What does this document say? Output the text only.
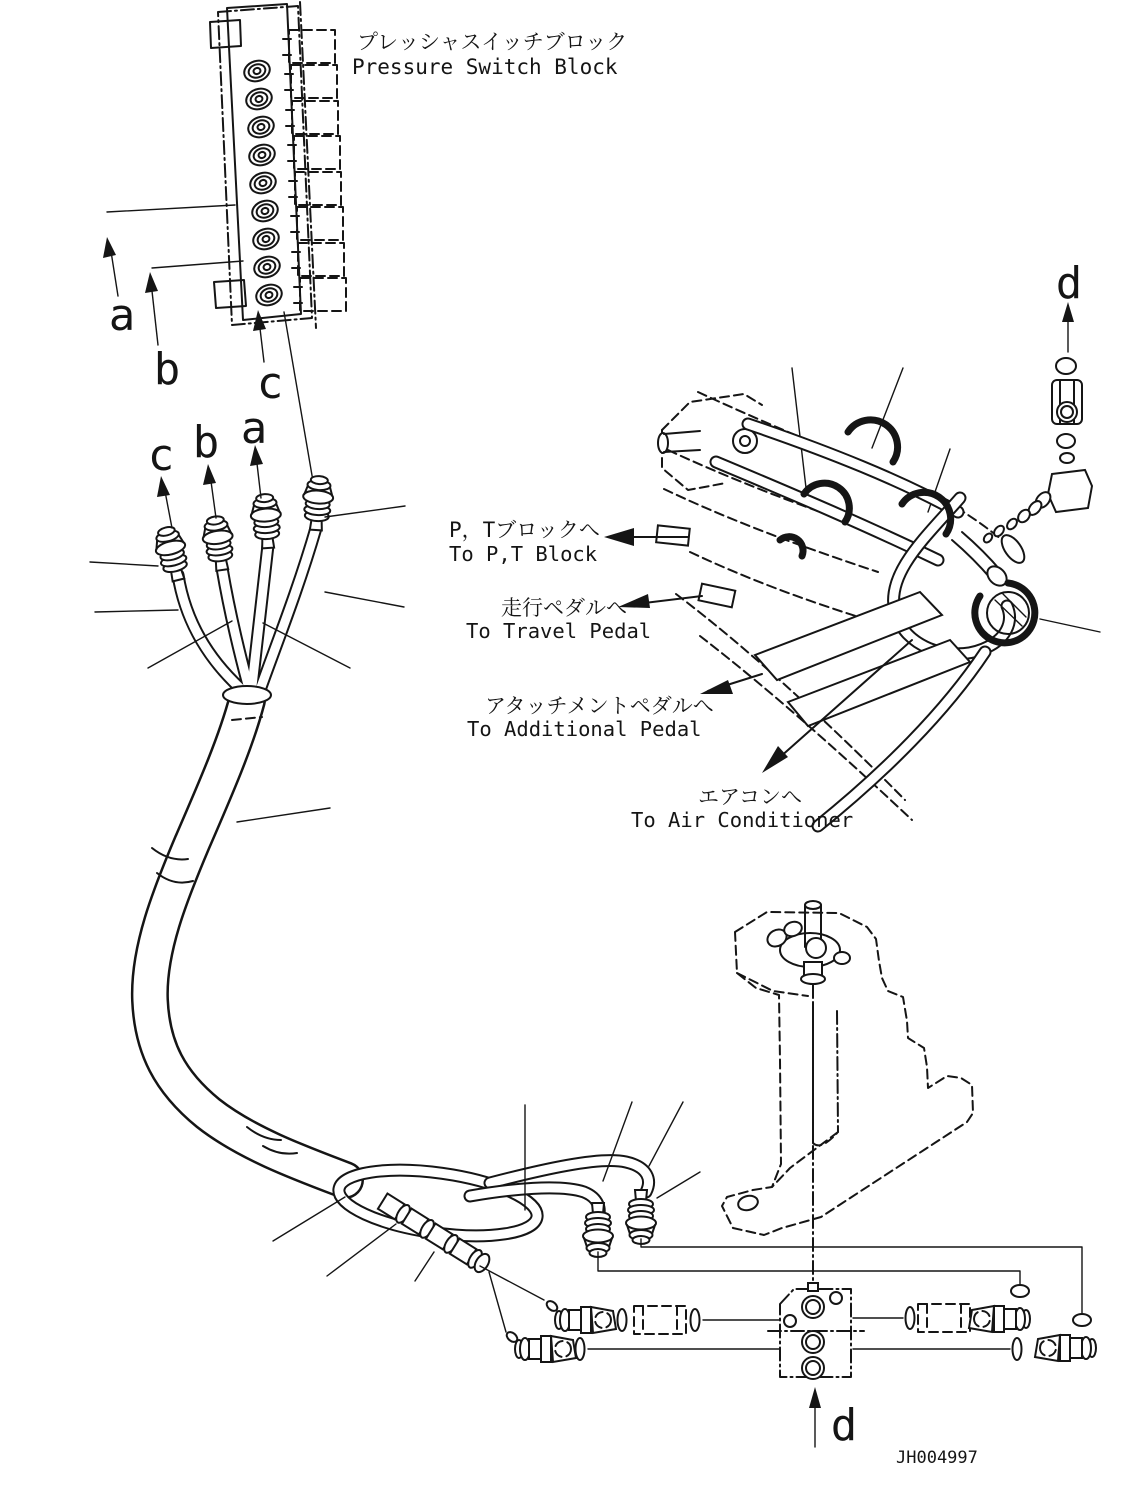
プレッシャスイッチブロック
Pressure Switch Block
a
b c
c b a
d
d
P，Tブロックへ
To P,T Block
走行ペダルへ
To Travel Pedal
アタッチメントペダルへ
To Additional Pedal
エアコンへ
To Air Conditioner
JH004997
